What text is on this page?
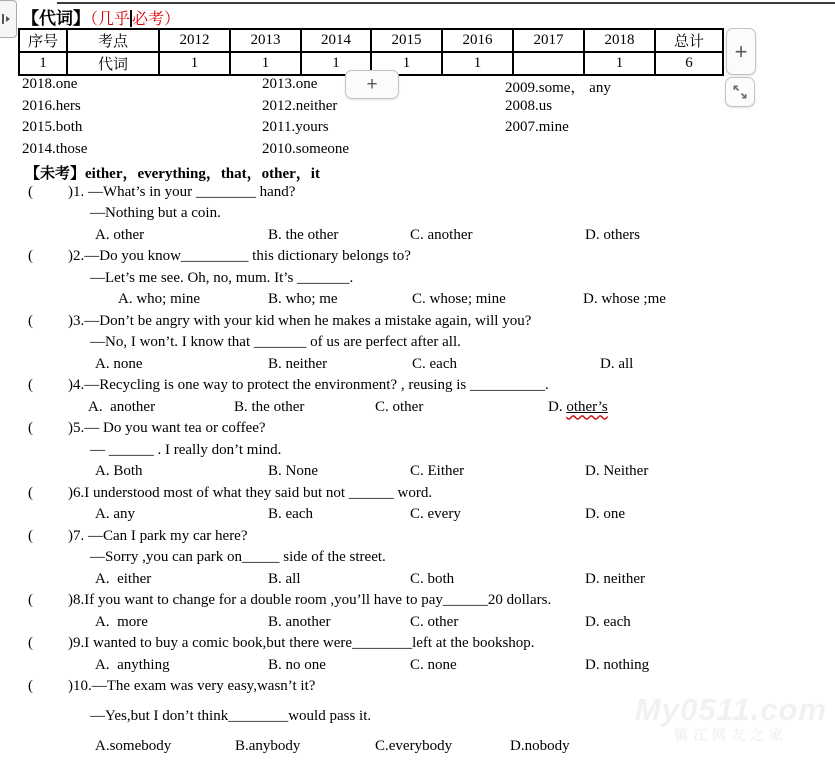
【代词】（几乎 必考）
序号	考点	2012	2013	2014	2015	2016	2017	2018	总计
1	代词	1	1	1	1	1		1	6 +
+
2018.one
2016.hers
2015.both
2014.those
2013.one
2012.neither
2011.yours
2010.someone
2009.some， any
2008.us
2007.mine
【未考】either，everything，that，other，it
( )1. —What’s in your ________ hand?
—Nothing but a coin.
A. other	B. the other	C. another	D. others
( )2.—Do you know_________ this dictionary belongs to?
—Let’s me see. Oh, no, mum. It’s _______.
A. who; mine	B. who; me	C. whose; mine	D. whose ;me
( )3.—Don’t be angry with your kid when he makes a mistake again, will you?
—No, I won’t. I know that _______ of us are perfect after all.
A. none	B. neither	C. each	D. all
( )4.—Recycling is one way to protect the environment? , reusing is __________.
A.  another	B. the other	C. other	D. other’s
( )5.— Do you want tea or coffee?
— ______ . I really don’t mind.
A. Both	B. None	C. Either	D. Neither
( )6.I understood most of what they said but not ______ word.
A. any	B. each	C. every	D. one
( )7. —Can I park my car here?
—Sorry ,you can park on_____ side of the street.
A.  either	B. all	C. both	D. neither
( )8.If you want to change for a double room ,you’ll have to pay______20 dollars.
A.  more	B. another	C. other	D. each
( )9.I wanted to buy a comic book,but there were________left at the bookshop.
A.  anything	B. no one	C. none	D. nothing
( )10.—The exam was very easy,wasn’t it?
—Yes,but I don’t think________would pass it.
A.somebody	B.anybody	C.everybody	D.nobody
My0511.com
镇江网友之家
